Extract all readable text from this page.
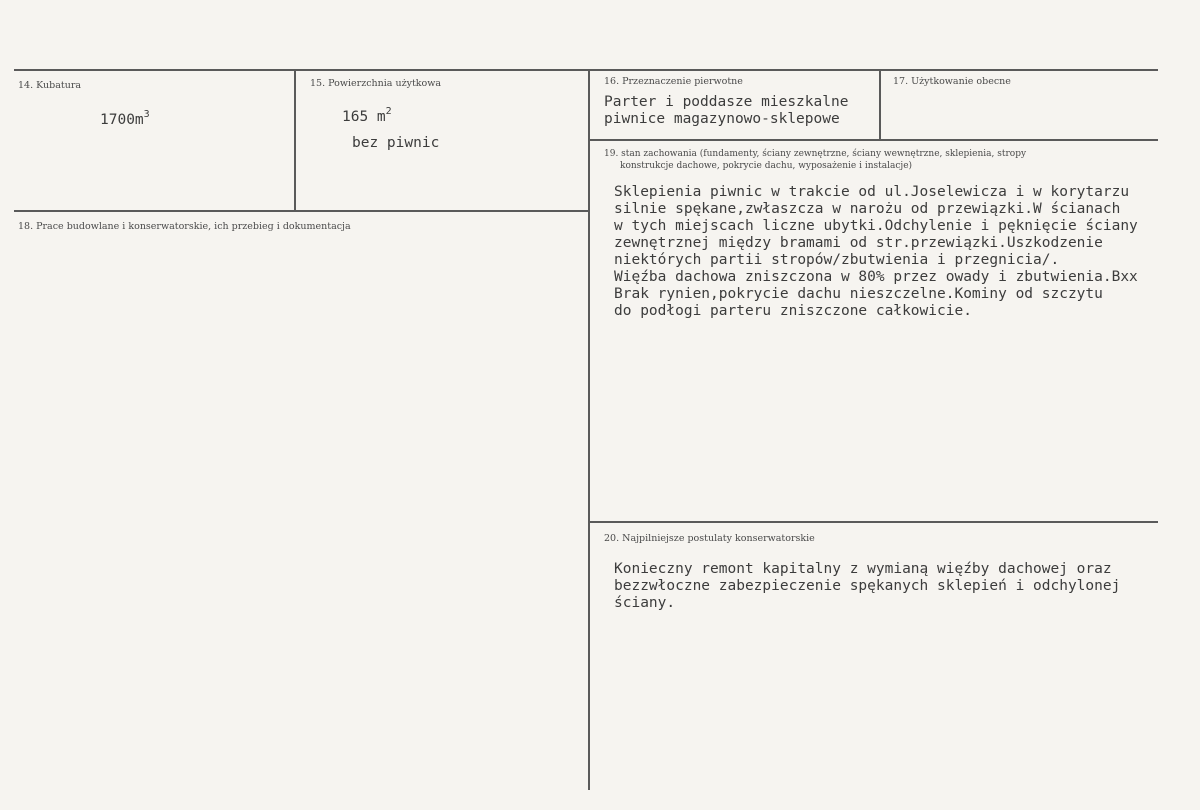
14. Kubatura
$1700m^3$
15. Powierzchnia użytkowa
165 $m^2$
bez piwnic
16. Przeznaczenie pierwotne
Parter i poddasze mieszkalne
piwnice magazynowo-sklepowe
17. Użytkowanie obecne
18. Prace budowlane i konserwatorskie, ich przebieg i dokumentacja
19. stan zachowania (fundamenty, ściany zewnętrzne, ściany wewnętrzne, sklepienia, stropy
konstrukcje dachowe, pokrycie dachu, wyposażenie i instalacje)
Sklepienia piwnic w trakcie od ul.Joselewicza i w korytarzu
silnie spękane,zwłaszcza w narożu od przewiązki.W ścianach
w tych miejscach liczne ubytki.Odchylenie i pęknięcie ściany
zewnętrznej między bramami od str.przewiązki.Uszkodzenie
niektórych partii stropów/zbutwienia i przegnicia/.
Więźba dachowa zniszczona w 80% przez owady i zbutwienia.Bxx
Brak rynien,pokrycie dachu nieszczelne.Kominy od szczytu
do podłogi parteru zniszczone całkowicie.
20. Najpilniejsze postulaty konserwatorskie
Konieczny remont kapitalny z wymianą więźby dachowej oraz
bezzwłoczne zabezpieczenie spękanych sklepień i odchylonej
ściany.
